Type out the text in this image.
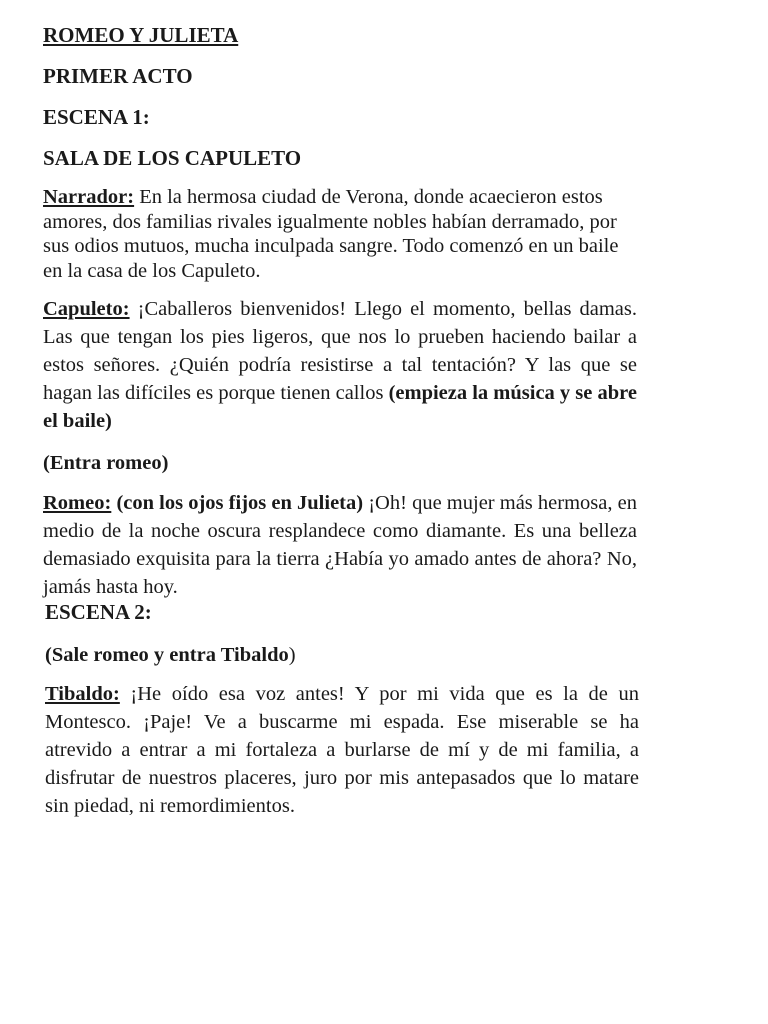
ROMEO Y JULIETA
PRIMER ACTO
ESCENA 1:
SALA DE LOS CAPULETO

Narrador: En la hermosa ciudad de Verona, donde acaecieron estos amores, dos familias rivales igualmente nobles habían derramado, por sus odios mutuos, mucha inculpada sangre. Todo comenzó en un baile en la casa de los Capuleto.

Capuleto: ¡Caballeros bienvenidos! Llego el momento, bellas damas. Las que tengan los pies ligeros, que nos lo prueben haciendo bailar a estos señores. ¿Quién podría resistirse a tal tentación? Y las que se hagan las difíciles es porque tienen callos (empieza la música y se abre el baile)

(Entra romeo)

Romeo: (con los ojos fijos en Julieta) ¡Oh! que mujer más hermosa, en medio de la noche oscura resplandece como diamante. Es una belleza demasiado exquisita para la tierra ¿Había yo amado antes de ahora? No, jamás hasta hoy.

ESCENA 2:

(Sale romeo y entra Tibaldo)

Tibaldo: ¡He oído esa voz antes! Y por mi vida que es la de un Montesco. ¡Paje! Ve a buscarme mi espada. Ese miserable se ha atrevido a entrar a mi fortaleza a burlarse de mí y de mi familia, a disfrutar de nuestros placeres, juro por mis antepasados que lo matare sin piedad, ni remordimientos.
